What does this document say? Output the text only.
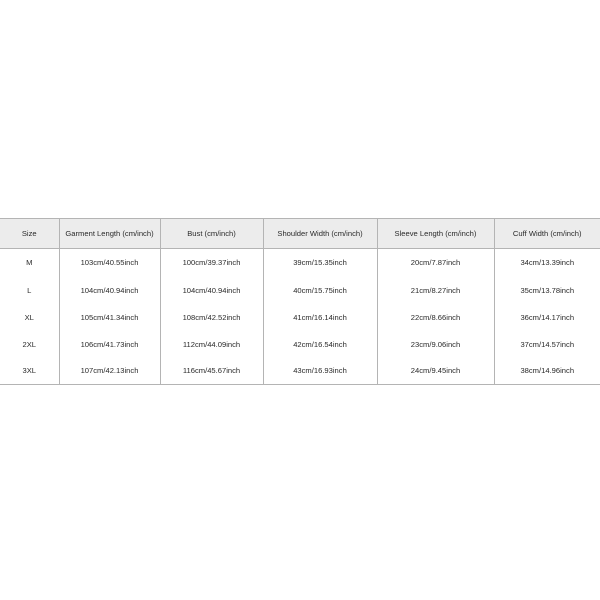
Size	Garment Length (cm/inch)	Bust (cm/inch)	Shoulder Width (cm/inch)	Sleeve Length (cm/inch)	Cuff Width (cm/inch)
M	103cm/40.55inch	100cm/39.37inch	39cm/15.35inch	20cm/7.87inch	34cm/13.39inch
L	104cm/40.94inch	104cm/40.94inch	40cm/15.75inch	21cm/8.27inch	35cm/13.78inch
XL	105cm/41.34inch	108cm/42.52inch	41cm/16.14inch	22cm/8.66inch	36cm/14.17inch
2XL	106cm/41.73inch	112cm/44.09inch	42cm/16.54inch	23cm/9.06inch	37cm/14.57inch
3XL	107cm/42.13inch	116cm/45.67inch	43cm/16.93inch	24cm/9.45inch	38cm/14.96inch
